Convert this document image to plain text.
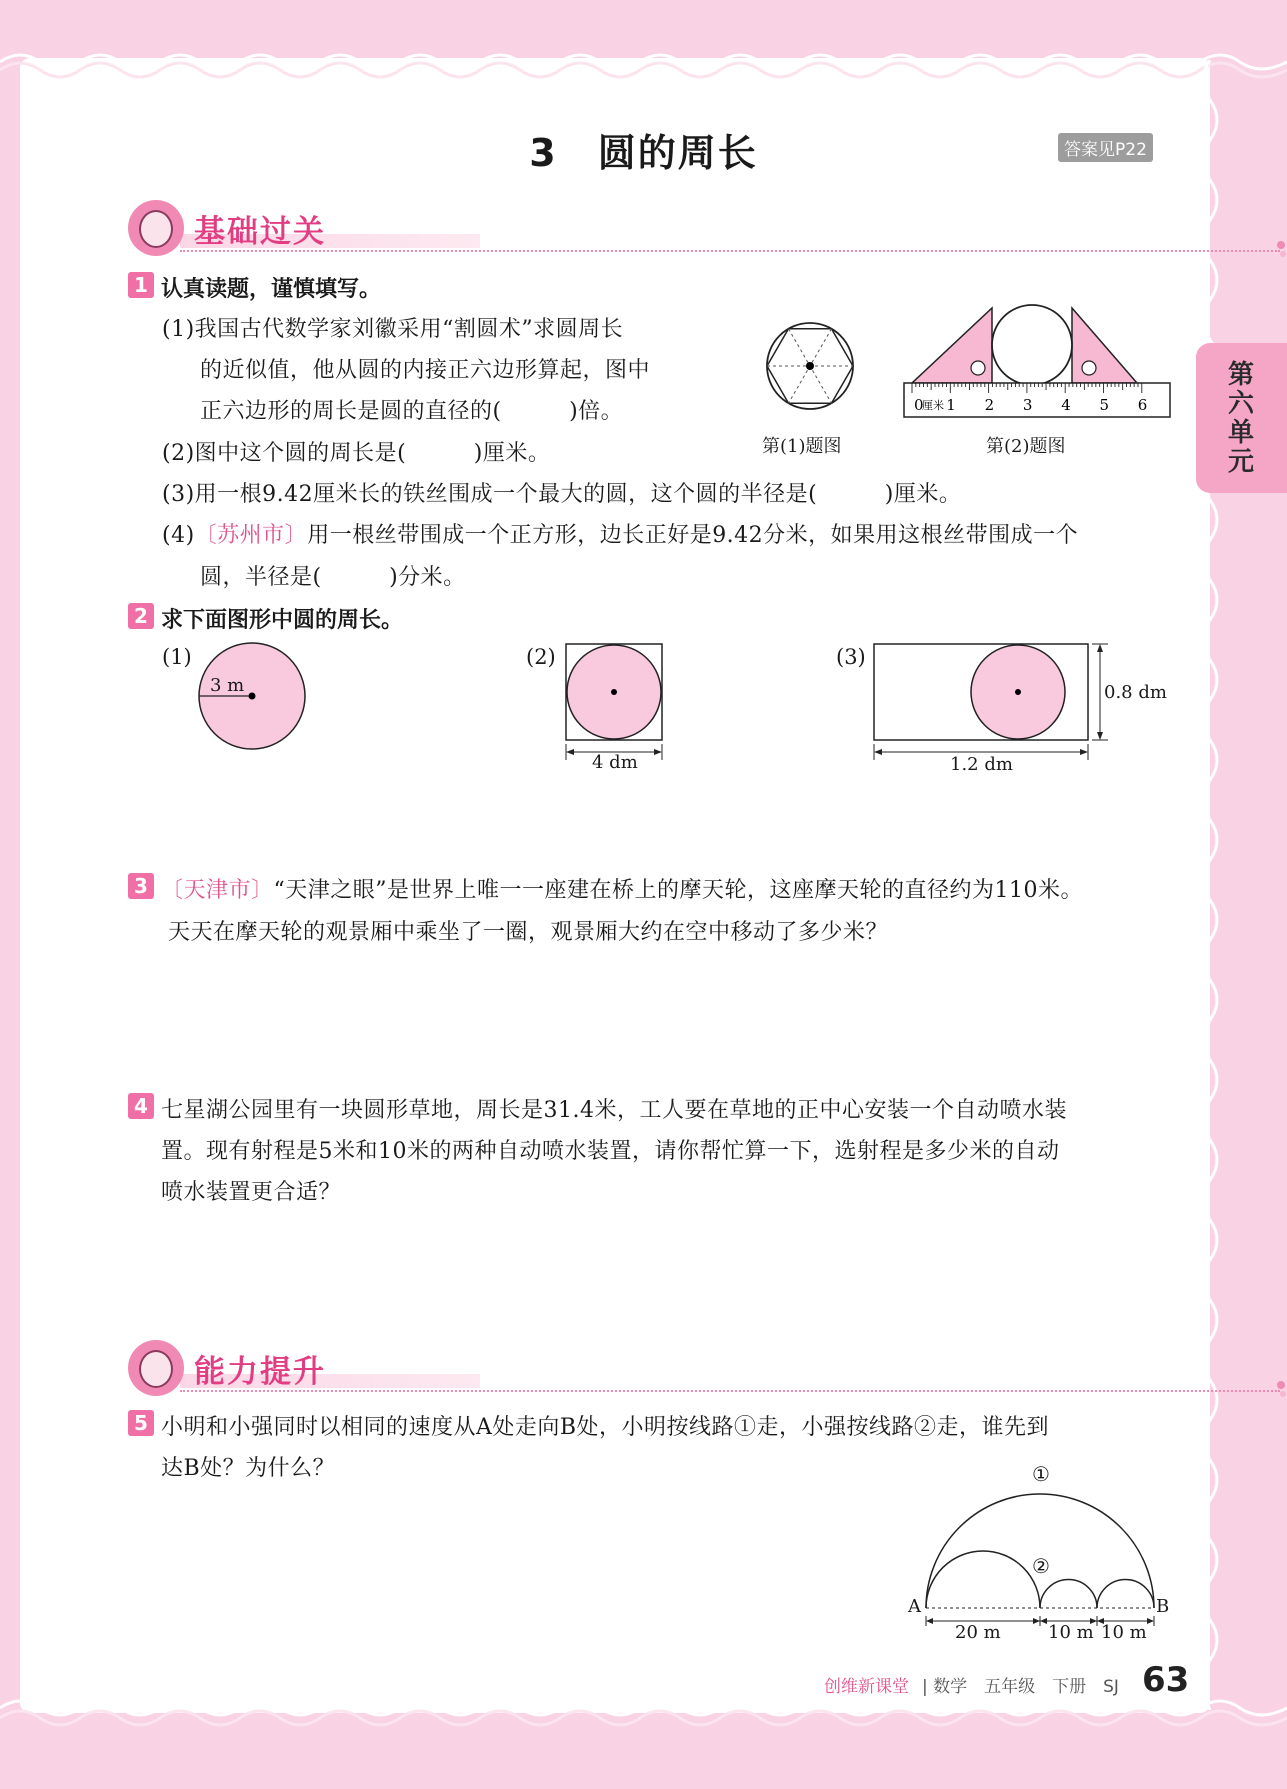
3　圆的周长	答案见P22
第六单元
基础过关
1 认真读题，谨慎填写。
(1)我国古代数学家刘徽采用“割圆术”求圆周长
的近似值，他从圆的内接正六边形算起，图中
正六边形的周长是圆的直径的(　　　)倍。
(2)图中这个圆的周长是(　　　)厘米。
(3)用一根9.42厘米长的铁丝围成一个最大的圆，这个圆的半径是(　　　)厘米。
(4)〔苏州市〕用一根丝带围成一个正方形，边长正好是9.42分米，如果用这根丝带围成一个
圆，半径是(　　　)分米。
第(1)题图
0 1 2 3 4 5 6
厘米
第(2)题图
2 求下面图形中圆的周长。
(1)
3 m
(2)
4 dm
(3)
1.2 dm
0.8 dm
3 〔天津市〕“天津之眼”是世界上唯一一座建在桥上的摩天轮，这座摩天轮的直径约为110米。
天天在摩天轮的观景厢中乘坐了一圈，观景厢大约在空中移动了多少米？
4 七星湖公园里有一块圆形草地，周长是31.4米，工人要在草地的正中心安装一个自动喷水装
置。现有射程是5米和10米的两种自动喷水装置，请你帮忙算一下，选射程是多少米的自动
喷水装置更合适？
能力提升
5 小明和小强同时以相同的速度从A处走向B处，小明按线路①走，小强按线路②走，谁先到
达B处？为什么？	①
②
A	B
20 m	10 m 10 m
创维新课堂 | 数学　五年级　下册　SJ 63
